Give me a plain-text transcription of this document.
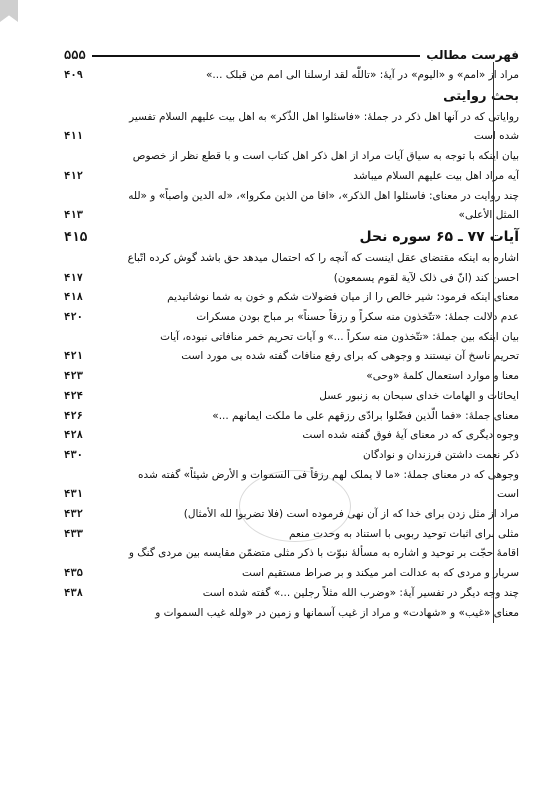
فهرست مطالب
۵۵۵
مراد از «امم» و «الیوم» در آیهٔ: «تاللّٰه لقد ارسلنا الی امم من قبلک ...»
۴۰۹
بحث روایتی
روایاتی که در آنها اهل ذکر در جملهٔ: «فاسئلوا اهل الذّکر» به اهل بیت علیهم السلام تفسیر
شده است
۴۱۱
بیان اینکه با توجه به سیاق آیات مراد از اهل ذکر اهل کتاب است و با قطع نظر از خصوص
آیه مراد اهل بیت علیهم السلام میباشد
۴۱۲
چند روایت در معنای: فاسئلوا اهل الذکر»، «افا من الذین مکروا»، «له الدین واصباً» و «لله
المثل الأعلی»
۴۱۳
آیات ۷۷ ـ ۶۵ سوره نحل
۴۱۵
اشاره به اینکه مقتضای عقل اینست که آنچه را که احتمال میدهد حق باشد گوش کرده اتّباع
احسن کند (انّ فی ذلک لآیة لقوم یسمعون)
۴۱۷
معنای اینکه فرمود: شیر خالص را از میان فضولات شکم و خون به شما نوشانیدیم
۴۱۸
عدم دلالت جملهٔ: «تتّخذون منه سکراً و رزقاً حسناً» بر مباح بودن مسکرات
۴۲۰
بیان اینکه بین جملهٔ: «تتّخذون منه سکراً ...» و آیات تحریم خمر منافاتی نبوده، آیات
تحریم ناسخ آن نیستند و وجوهی که برای رفع منافات گفته شده بی مورد است
۴۲۱
معنا و موارد استعمال کلمهٔ «وحی»
۴۲۳
ایحائات و الهامات خدای سبحان به زنبور عسل
۴۲۴
معنای جملهٔ: «فما الّذین فضّلوا برادّی رزقهم علی ما ملکت ایمانهم ...»
۴۲۶
وجوه دیگری که در معنای آیهٔ فوق گفته شده است
۴۲۸
ذکر نعمت داشتن فرزندان و نوادگان
۴۳۰
وجوهی که در معنای جملهٔ: «ما لا یملک لهم رزقاً فی السموات و الأرض شیئاً» گفته شده
است
۴۳۱
مراد از مثل زدن برای خدا که از آن نهی فرموده است (فلا تضربوا لله الأمثال)
۴۳۲
مثلی برای اثبات توحید ربوبی با استناد به وحدت منعم
۴۳۳
اقامهٔ حجّت بر توحید و اشاره به مسألهٔ نبوّت با ذکر مثلی متضمّن مقایسه بین مردی گنگ و
سربار و مردی که به عدالت امر میکند و بر صراط مستقیم است
۴۳۵
چند وجه دیگر در تفسیر آیهٔ: «وضرب الله مثلاً رجلین ...» گفته شده است
۴۳۸
معنای «غیب» و «شهادت» و مراد از غیب آسمانها و زمین در «ولله غیب السموات و
